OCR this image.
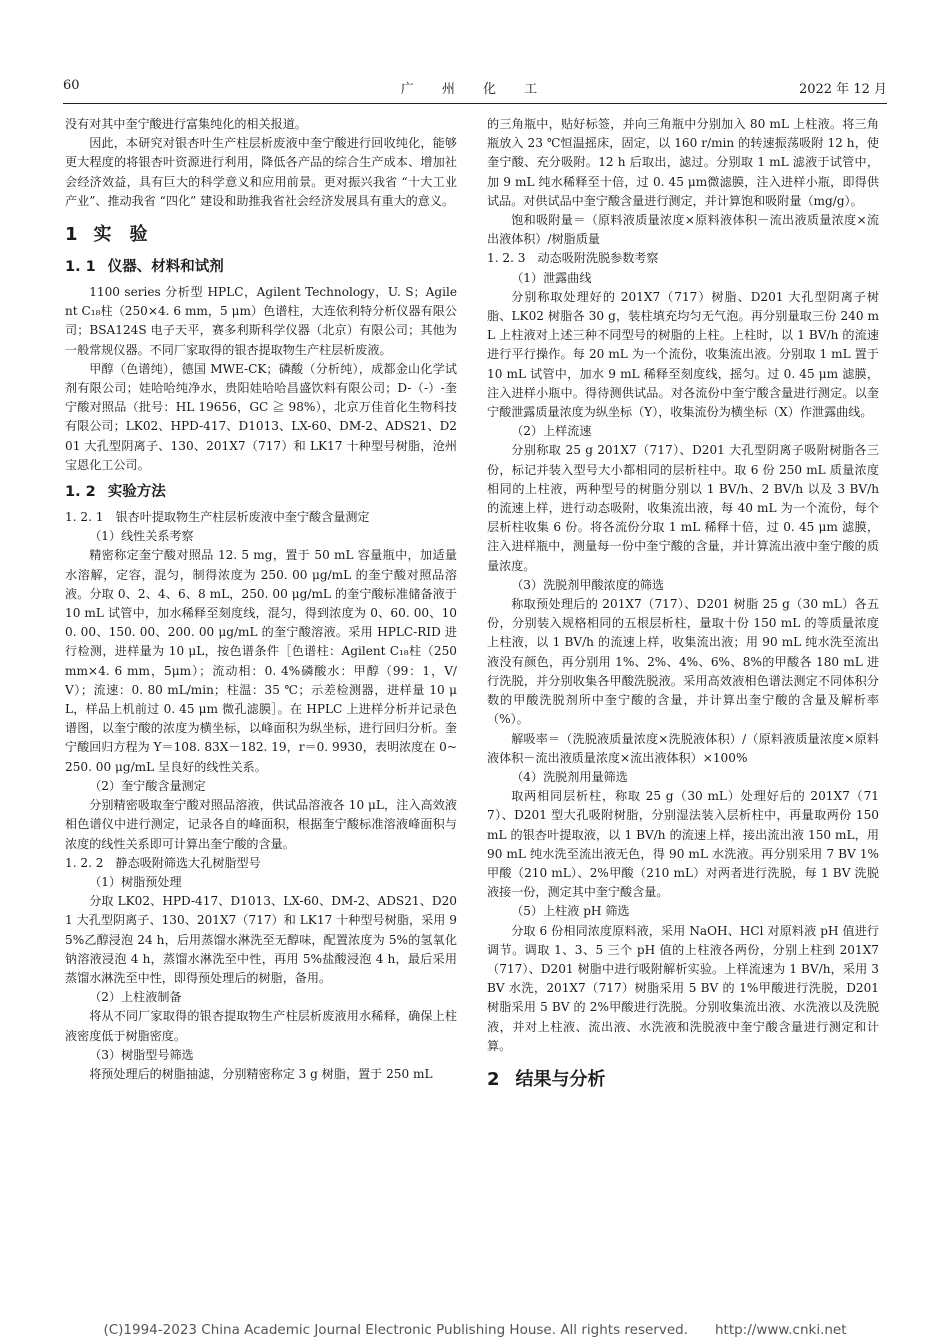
60	广 州 化 工	2022 年 12 月

没有对其中奎宁酸进行富集纯化的相关报道。

因此，本研究对银杏叶生产柱层析废液中奎宁酸进行回收纯化，能够更大程度的将银杏叶资源进行利用，降低各产品的综合生产成本、增加社会经济效益，具有巨大的科学意义和应用前景。更对振兴我省 “十大工业产业”、推动我省 “四化” 建设和助推我省社会经济发展具有重大的意义。

1 实　验
1. 1 仪器、材料和试剂

1100 series 分析型 HPLC，Agilent Technology，U. S；Agilent C₁₈柱（250×4. 6 mm，5 μm）色谱柱，大连依利特分析仪器有限公司；BSA124S 电子天平，赛多利斯科学仪器（北京）有限公司；其他为一般常规仪器。不同厂家取得的银杏提取物生产柱层析废液。

甲醇（色谱纯），德国 MWE-CK；磷酸（分析纯），成都金山化学试剂有限公司；娃哈哈纯净水，贵阳娃哈哈昌盛饮料有限公司；D-（-）-奎宁酸对照品（批号：HL 19656，GC ≧ 98%），北京万佳首化生物科技有限公司；LK02、HPD-417、D1013、LX-60、DM-2、ADS21、D201 大孔型阴离子、130、201X7（717）和 LK17 十种型号树脂，沧州宝恩化工公司。

1. 2 实验方法
1. 2. 1　银杏叶提取物生产柱层析废液中奎宁酸含量测定
（1）线性关系考察

精密称定奎宁酸对照品 12. 5 mg，置于 50 mL 容量瓶中，加适量水溶解，定容，混匀，制得浓度为 250. 00 μg/mL 的奎宁酸对照品溶液。分取 0、2、4、6、8 mL，250. 00 μg/mL 的奎宁酸标准储备液于 10 mL 试管中，加水稀释至刻度线，混匀，得到浓度为 0、60. 00、100. 00、150. 00、200. 00 μg/mL 的奎宁酸溶液。采用 HPLC-RID 进行检测，进样量为 10 μL，按色谱条件［色谱柱：Agilent C₁₈柱（250 mm×4. 6 mm，5μm）；流动相：0. 4%磷酸水：甲醇（99：1，V/V）；流速：0. 80 mL/min；柱温：35 ℃；示差检测器，进样量 10 μL，样品上机前过 0. 45 μm 微孔滤膜］。在 HPLC 上进样分析并记录色谱图，以奎宁酸的浓度为横坐标，以峰面积为纵坐标，进行回归分析。奎宁酸回归方程为 Y＝108. 83X－182. 19，r＝0. 9930，表明浓度在 0~250. 00 μg/mL 呈良好的线性关系。

（2）奎宁酸含量测定

分别精密吸取奎宁酸对照品溶液，供试品溶液各 10 μL，注入高效液相色谱仪中进行测定，记录各自的峰面积，根据奎宁酸标准溶液峰面积与浓度的线性关系即可计算出奎宁酸的含量。

1. 2. 2　静态吸附筛选大孔树脂型号
（1）树脂预处理

分取 LK02、HPD-417、D1013、LX-60、DM-2、ADS21、D201 大孔型阴离子、130、201X7（717）和 LK17 十种型号树脂，采用 95%乙醇浸泡 24 h，后用蒸馏水淋洗至无醇味，配置浓度为 5%的氢氧化钠溶液浸泡 4 h，蒸馏水淋洗至中性，再用 5%盐酸浸泡 4 h，最后采用蒸馏水淋洗至中性，即得预处理后的树脂，备用。

（2）上柱液制备

将从不同厂家取得的银杏提取物生产柱层析废液用水稀释，确保上柱液密度低于树脂密度。

（3）树脂型号筛选

将预处理后的树脂抽滤，分别精密称定 3 g 树脂，置于 250 mL

的三角瓶中，贴好标签，并向三角瓶中分别加入 80 mL 上柱液。将三角瓶放入 23 ℃恒温摇床，固定，以 160 r/min 的转速振荡吸附 12 h，使奎宁酸、充分吸附。12 h 后取出，滤过。分别取 1 mL 滤液于试管中，加 9 mL 纯水稀释至十倍，过 0. 45 μm微滤膜，注入进样小瓶，即得供试品。对供试品中奎宁酸含量进行测定，并计算饱和吸附量（mg/g）。

饱和吸附量＝（原料液质量浓度×原料液体积－流出液质量浓度×流出液体积）/树脂质量

1. 2. 3　动态吸附洗脱参数考察
（1）泄露曲线

分别称取处理好的 201X7（717）树脂、D201 大孔型阴离子树脂、LK02 树脂各 30 g，装柱填充均匀无气泡。再分别量取三份 240 mL 上柱液对上述三种不同型号的树脂的上柱。上柱时，以 1 BV/h 的流速进行平行操作。每 20 mL 为一个流份，收集流出液。分别取 1 mL 置于 10 mL 试管中，加水 9 mL 稀释至刻度线，摇匀。过 0. 45 μm 滤膜，注入进样小瓶中。得待测供试品。对各流份中奎宁酸含量进行测定。以奎宁酸泄露质量浓度为纵坐标（Y），收集流份为横坐标（X）作泄露曲线。

（2）上样流速

分别称取 25 g 201X7（717）、D201 大孔型阴离子吸附树脂各三份，标记并装入型号大小都相同的层析柱中。取 6 份 250 mL 质量浓度相同的上柱液，两种型号的树脂分别以 1 BV/h、2 BV/h 以及 3 BV/h 的流速上样，进行动态吸附，收集流出液，每 40 mL 为一个流份，每个层析柱收集 6 份。将各流份分取 1 mL 稀释十倍，过 0. 45 μm 滤膜，注入进样瓶中，测量每一份中奎宁酸的含量，并计算流出液中奎宁酸的质量浓度。

（3）洗脱剂甲酸浓度的筛选

称取预处理后的 201X7（717）、D201 树脂 25 g（30 mL）各五份，分别装入规格相同的五根层析柱，量取十份 150 mL 的等质量浓度上柱液，以 1 BV/h 的流速上样，收集流出液；用 90 mL 纯水洗至流出液没有颜色，再分别用 1%、2%、4%、6%、8%的甲酸各 180 mL 进行洗脱，并分别收集各甲酸洗脱液。采用高效液相色谱法测定不同体积分数的甲酸洗脱剂所中奎宁酸的含量，并计算出奎宁酸的含量及解析率（%）。

解吸率＝（洗脱液质量浓度×洗脱液体积）/（原料液质量浓度×原料液体积－流出液质量浓度×流出液体积）×100%

（4）洗脱剂用量筛选

取两相同层析柱，称取 25 g（30 mL）处理好后的 201X7（717）、D201 型大孔吸附树脂，分别湿法装入层析柱中，再量取两份 150 mL 的银杏叶提取液，以 1 BV/h 的流速上样，接出流出液 150 mL，用 90 mL 纯水洗至流出液无色，得 90 mL 水洗液。再分别采用 7 BV 1%甲酸（210 mL）、2%甲酸（210 mL）对两者进行洗脱，每 1 BV 洗脱液接一份，测定其中奎宁酸含量。

（5）上柱液 pH 筛选

分取 6 份相同浓度原料液，采用 NaOH、HCl 对原料液 pH 值进行调节。调取 1、3、5 三个 pH 值的上柱液各两份，分别上柱到 201X7（717）、D201 树脂中进行吸附解析实验。上样流速为 1 BV/h，采用 3 BV 水洗，201X7（717）树脂采用 5 BV 的 1%甲酸进行洗脱，D201 树脂采用 5 BV 的 2%甲酸进行洗脱。分别收集流出液、水洗液以及洗脱液，并对上柱液、流出液、水洗液和洗脱液中奎宁酸含量进行测定和计算。

2 结果与分析
(C)1994-2023 China Academic Journal Electronic Publishing House. All rights reserved.　　http://www.cnki.net
